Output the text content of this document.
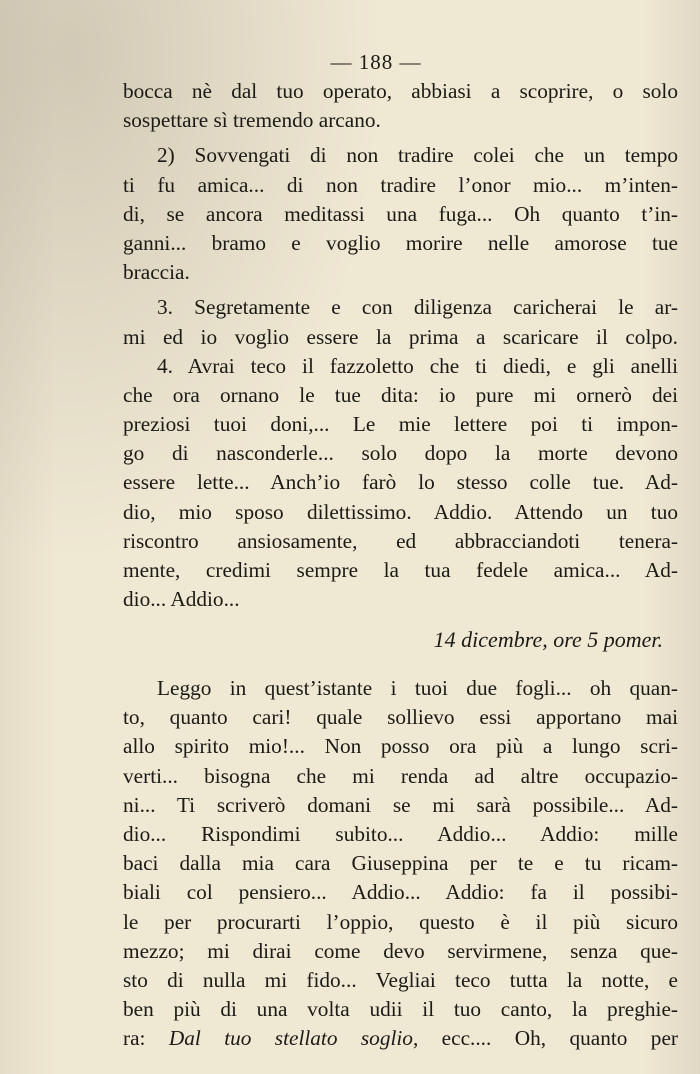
— 188 —
bocca nè dal tuo operato, abbiasi a scoprire, o solo
sospettare sì tremendo arcano.
2) Sovvengati di non tradire colei che un tempo
ti fu amica... di non tradire l’onor mio... m’inten-
di, se ancora meditassi una fuga... Oh quanto t’in-
ganni... bramo e voglio morire nelle amorose tue
braccia.
3. Segretamente e con diligenza caricherai le ar-
mi ed io voglio essere la prima a scaricare il colpo.
4. Avrai teco il fazzoletto che ti diedi, e gli anelli
che ora ornano le tue dita: io pure mi ornerò dei
preziosi tuoi doni,... Le mie lettere poi ti impon-
go di nasconderle... solo dopo la morte devono
essere lette... Anch’io farò lo stesso colle tue. Ad-
dio, mio sposo dilettissimo. Addio. Attendo un tuo
riscontro ansiosamente, ed abbracciandoti tenera-
mente, credimi sempre la tua fedele amica... Ad-
dio... Addio...
14 dicembre, ore 5 pomer.
Leggo in quest’istante i tuoi due fogli... oh quan-
to, quanto cari! quale sollievo essi apportano mai
allo spirito mio!... Non posso ora più a lungo scri-
verti... bisogna che mi renda ad altre occupazio-
ni... Ti scriverò domani se mi sarà possibile... Ad-
dio... Rispondimi subito... Addio... Addio: mille
baci dalla mia cara Giuseppina per te e tu ricam-
biali col pensiero... Addio... Addio: fa il possibi-
le per procurarti l’oppio, questo è il più sicuro
mezzo; mi dirai come devo servirmene, senza que-
sto di nulla mi fido... Vegliai teco tutta la notte, e
ben più di una volta udii il tuo canto, la preghie-
ra: Dal tuo stellato soglio, ecc.... Oh, quanto per
